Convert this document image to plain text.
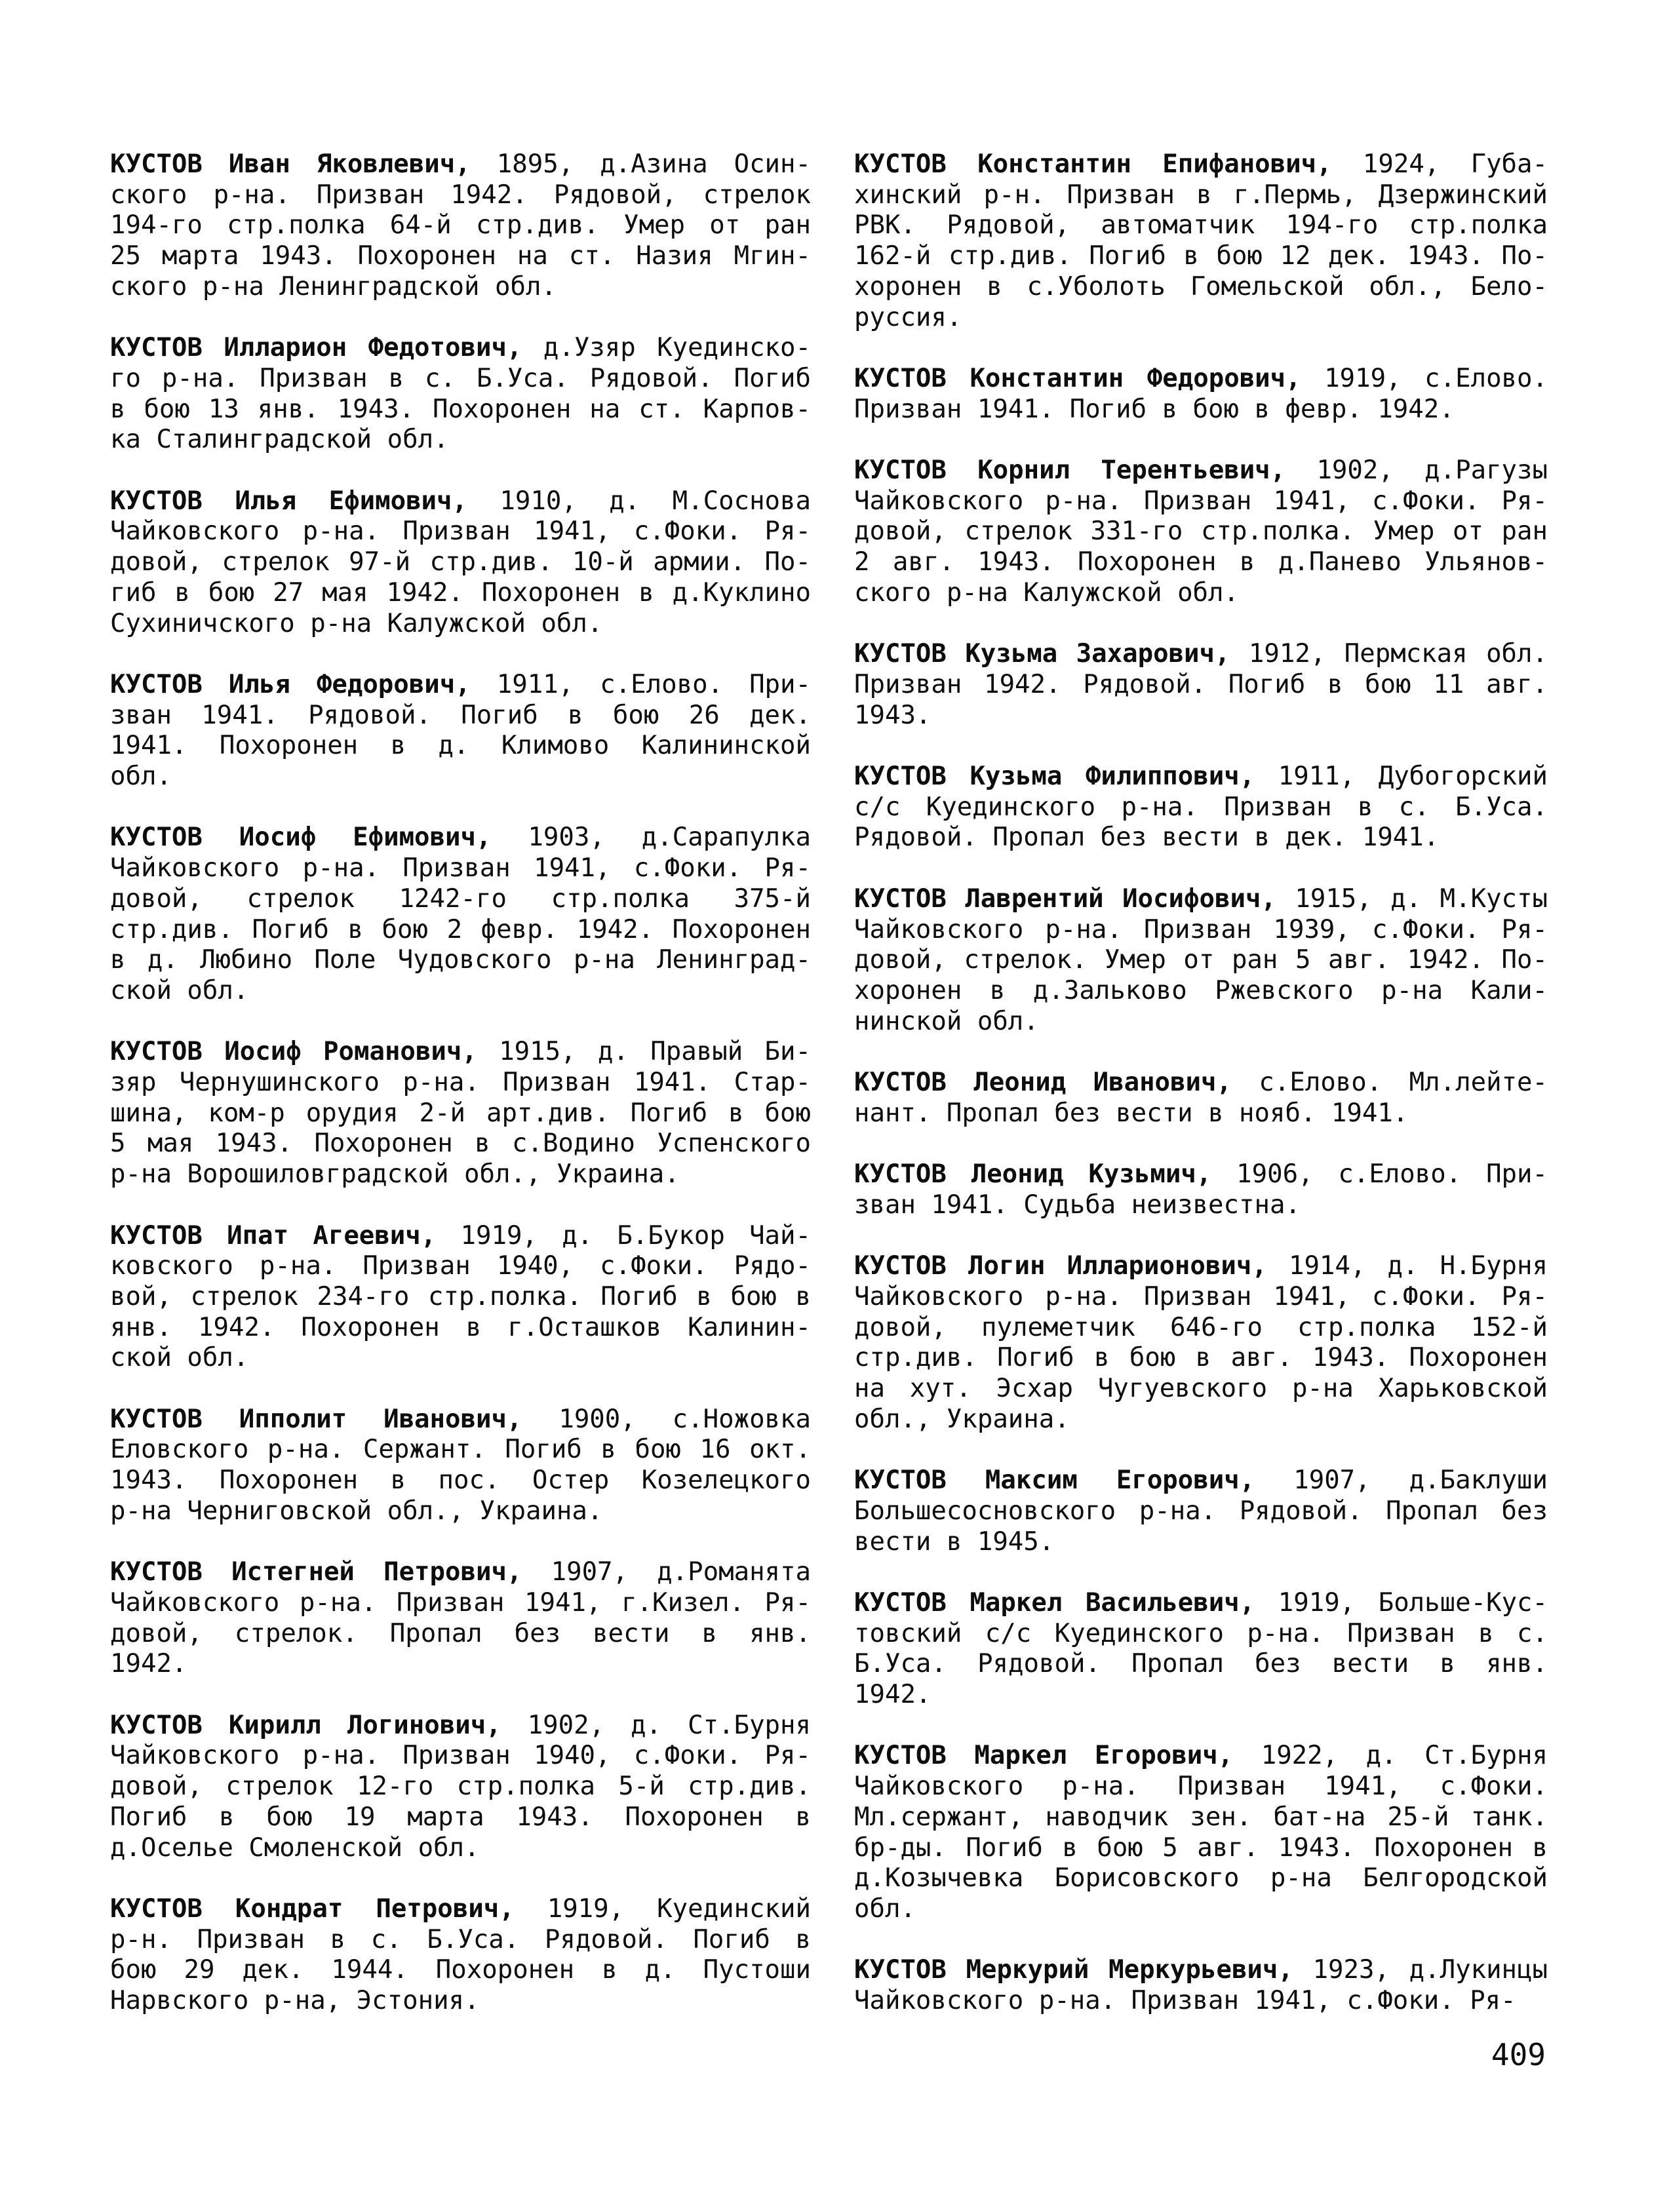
КУСТОВ Иван Яковлевич, 1895, д.Азина Осин-
ского р-на. Призван 1942. Рядовой, стрелок
194-го стр.полка 64-й стр.див. Умер от ран
25 марта 1943. Похоронен на ст. Назия Мгин-
ского р-на Ленинградской обл.
КУСТОВ Илларион Федотович, д.Узяр Куединско-
го р-на. Призван в с. Б.Уса. Рядовой. Погиб
в бою 13 янв. 1943. Похоронен на ст. Карпов-
ка Сталинградской обл.
КУСТОВ Илья Ефимович, 1910, д. М.Соснова
Чайковского р-на. Призван 1941, с.Фоки. Ря-
довой, стрелок 97-й стр.див. 10-й армии. По-
гиб в бою 27 мая 1942. Похоронен в д.Куклино
Сухиничского р-на Калужской обл.
КУСТОВ Илья Федорович, 1911, с.Елово. При-
зван 1941. Рядовой. Погиб в бою 26 дек.
1941. Похоронен в д. Климово Калининской
обл.
КУСТОВ Иосиф Ефимович, 1903, д.Сарапулка
Чайковского р-на. Призван 1941, с.Фоки. Ря-
довой, стрелок 1242-го стр.полка 375-й
стр.див. Погиб в бою 2 февр. 1942. Похоронен
в д. Любино Поле Чудовского р-на Ленинград-
ской обл.
КУСТОВ Иосиф Романович, 1915, д. Правый Би-
зяр Чернушинского р-на. Призван 1941. Стар-
шина, ком-р орудия 2-й арт.див. Погиб в бою
5 мая 1943. Похоронен в с.Водино Успенского
р-на Ворошиловградской обл., Украина.
КУСТОВ Ипат Агеевич, 1919, д. Б.Букор Чай-
ковского р-на. Призван 1940, с.Фоки. Рядо-
вой, стрелок 234-го стр.полка. Погиб в бою в
янв. 1942. Похоронен в г.Осташков Калинин-
ской обл.
КУСТОВ Ипполит Иванович, 1900, с.Ножовка
Еловского р-на. Сержант. Погиб в бою 16 окт.
1943. Похоронен в пос. Остер Козелецкого
р-на Черниговской обл., Украина.
КУСТОВ Истегней Петрович, 1907, д.Романята
Чайковского р-на. Призван 1941, г.Кизел. Ря-
довой, стрелок. Пропал без вести в янв.
1942.
КУСТОВ Кирилл Логинович, 1902, д. Ст.Бурня
Чайковского р-на. Призван 1940, с.Фоки. Ря-
довой, стрелок 12-го стр.полка 5-й стр.див.
Погиб в бою 19 марта 1943. Похоронен в
д.Оселье Смоленской обл.
КУСТОВ Кондрат Петрович, 1919, Куединский
р-н. Призван в с. Б.Уса. Рядовой. Погиб в
бою 29 дек. 1944. Похоронен в д. Пустоши
Нарвского р-на, Эстония.
КУСТОВ Константин Епифанович, 1924, Губа-
хинский р-н. Призван в г.Пермь, Дзержинский
РВК. Рядовой, автоматчик 194-го стр.полка
162-й стр.див. Погиб в бою 12 дек. 1943. По-
хоронен в с.Уболоть Гомельской обл., Бело-
руссия.
КУСТОВ Константин Федорович, 1919, с.Елово.
Призван 1941. Погиб в бою в февр. 1942.
КУСТОВ Корнил Терентьевич, 1902, д.Рагузы
Чайковского р-на. Призван 1941, с.Фоки. Ря-
довой, стрелок 331-го стр.полка. Умер от ран
2 авг. 1943. Похоронен в д.Панево Ульянов-
ского р-на Калужской обл.
КУСТОВ Кузьма Захарович, 1912, Пермская обл.
Призван 1942. Рядовой. Погиб в бою 11 авг.
1943.
КУСТОВ Кузьма Филиппович, 1911, Дубогорский
с/с Куединского р-на. Призван в с. Б.Уса.
Рядовой. Пропал без вести в дек. 1941.
КУСТОВ Лаврентий Иосифович, 1915, д. М.Кусты
Чайковского р-на. Призван 1939, с.Фоки. Ря-
довой, стрелок. Умер от ран 5 авг. 1942. По-
хоронен в д.Зальково Ржевского р-на Кали-
нинской обл.
КУСТОВ Леонид Иванович, с.Елово. Мл.лейте-
нант. Пропал без вести в нояб. 1941.
КУСТОВ Леонид Кузьмич, 1906, с.Елово. При-
зван 1941. Судьба неизвестна.
КУСТОВ Логин Илларионович, 1914, д. Н.Бурня
Чайковского р-на. Призван 1941, с.Фоки. Ря-
довой, пулеметчик 646-го стр.полка 152-й
стр.див. Погиб в бою в авг. 1943. Похоронен
на хут. Эсхар Чугуевского р-на Харьковской
обл., Украина.
КУСТОВ Максим Егорович, 1907, д.Баклуши
Большесосновского р-на. Рядовой. Пропал без
вести в 1945.
КУСТОВ Маркел Васильевич, 1919, Больше-Кус-
товский с/с Куединского р-на. Призван в с.
Б.Уса. Рядовой. Пропал без вести в янв.
1942.
КУСТОВ Маркел Егорович, 1922, д. Ст.Бурня
Чайковского р-на. Призван 1941, с.Фоки.
Мл.сержант, наводчик зен. бат-на 25-й танк.
бр-ды. Погиб в бою 5 авг. 1943. Похоронен в
д.Козычевка Борисовского р-на Белгородской
обл.
КУСТОВ Меркурий Меркурьевич, 1923, д.Лукинцы
Чайковского р-на. Призван 1941, с.Фоки. Ря-
409
